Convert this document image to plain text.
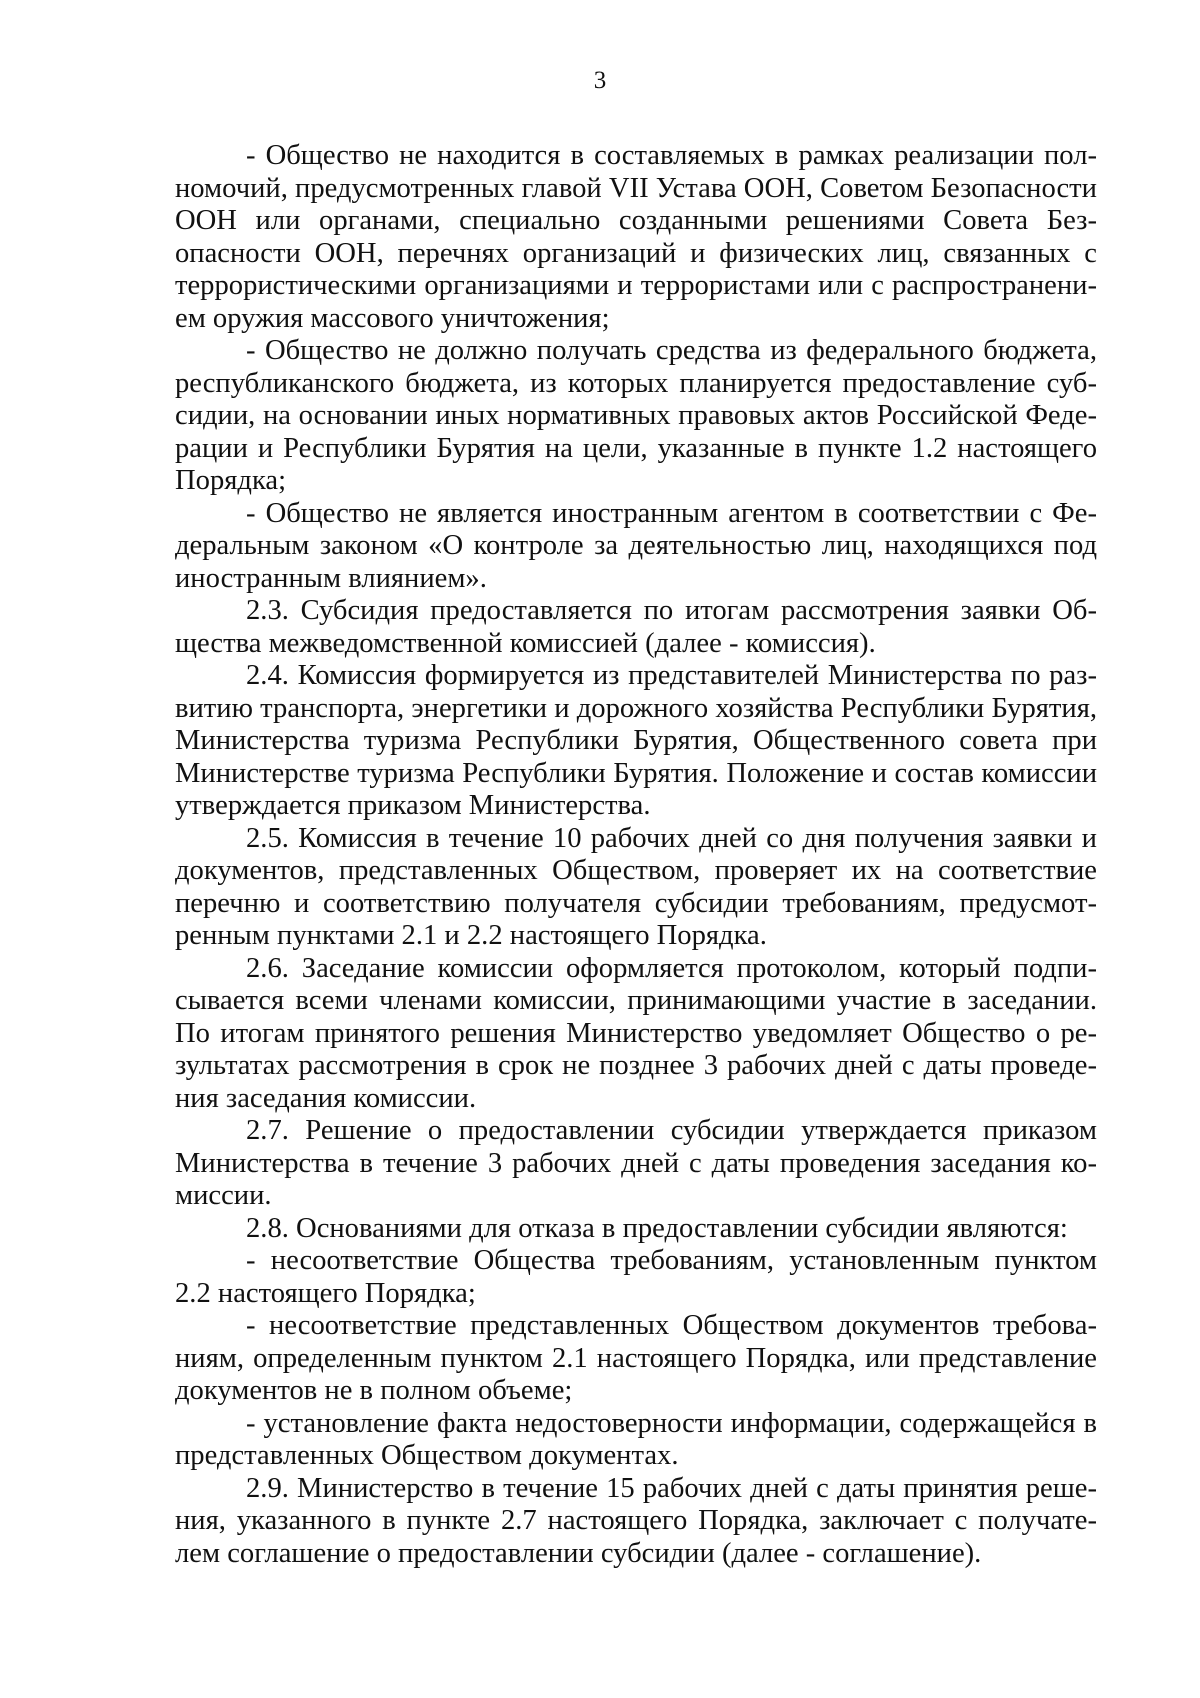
3

- Общество не находится в составляемых в рамках реализации полномочий, предусмотренных главой VII Устава ООН, Советом Безопасности ООН или органами, специально созданными решениями Совета Безопасности ООН, перечнях организаций и физических лиц, связанных с террористическими организациями и террористами или с распространением оружия массового уничтожения;

- Общество не должно получать средства из федерального бюджета, республиканского бюджета, из которых планируется предоставление субсидии, на основании иных нормативных правовых актов Российской Федерации и Республики Бурятия на цели, указанные в пункте 1.2 настоящего Порядка;

- Общество не является иностранным агентом в соответствии с Федеральным законом «О контроле за деятельностью лиц, находящихся под иностранным влиянием».

2.3. Субсидия предоставляется по итогам рассмотрения заявки Общества межведомственной комиссией (далее - комиссия).

2.4. Комиссия формируется из представителей Министерства по развитию транспорта, энергетики и дорожного хозяйства Республики Бурятия, Министерства туризма Республики Бурятия, Общественного совета при Министерстве туризма Республики Бурятия. Положение и состав комиссии утверждается приказом Министерства.

2.5. Комиссия в течение 10 рабочих дней со дня получения заявки и документов, представленных Обществом, проверяет их на соответствие перечню и соответствию получателя субсидии требованиям, предусмотренным пунктами 2.1 и 2.2 настоящего Порядка.

2.6. Заседание комиссии оформляется протоколом, который подписывается всеми членами комиссии, принимающими участие в заседании. По итогам принятого решения Министерство уведомляет Общество о результатах рассмотрения в срок не позднее 3 рабочих дней с даты проведения заседания комиссии.

2.7. Решение о предоставлении субсидии утверждается приказом Министерства в течение 3 рабочих дней с даты проведения заседания комиссии.

2.8. Основаниями для отказа в предоставлении субсидии являются:

- несоответствие Общества требованиям, установленным пунктом 2.2 настоящего Порядка;

- несоответствие представленных Обществом документов требованиям, определенным пунктом 2.1 настоящего Порядка, или представление документов не в полном объеме;

- установление факта недостоверности информации, содержащейся в представленных Обществом документах.

2.9. Министерство в течение 15 рабочих дней с даты принятия решения, указанного в пункте 2.7 настоящего Порядка, заключает с получателем соглашение о предоставлении субсидии (далее - соглашение).
